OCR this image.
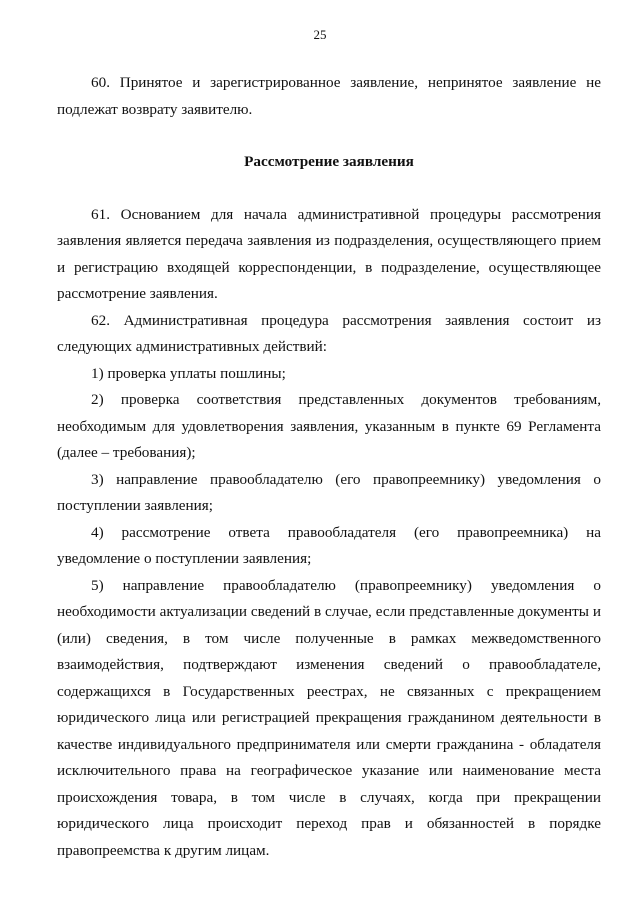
25

60. Принятое и зарегистрированное заявление, непринятое заявление не подлежат возврату заявителю.

Рассмотрение заявления

61. Основанием для начала административной процедуры рассмотрения заявления является передача заявления из подразделения, осуществляющего прием и регистрацию входящей корреспонденции, в подразделение, осуществляющее рассмотрение заявления.

62. Административная процедура рассмотрения заявления состоит из следующих административных действий:

1) проверка уплаты пошлины;

2) проверка соответствия представленных документов требованиям, необходимым для удовлетворения заявления, указанным в пункте 69 Регламента (далее – требования);

3) направление правообладателю (его правопреемнику) уведомления о поступлении заявления;

4) рассмотрение ответа правообладателя (его правопреемника) на уведомление о поступлении заявления;

5) направление правообладателю (правопреемнику) уведомления о необходимости актуализации сведений в случае, если представленные документы и (или) сведения, в том числе полученные в рамках межведомственного взаимодействия, подтверждают изменения сведений о правообладателе, содержащихся в Государственных реестрах, не связанных с прекращением юридического лица или регистрацией прекращения гражданином деятельности в качестве индивидуального предпринимателя или смерти гражданина - обладателя исключительного права на географическое указание или наименование места происхождения товара, в том числе в случаях, когда при прекращении юридического лица происходит переход прав и обязанностей в порядке правопреемства к другим лицам.
